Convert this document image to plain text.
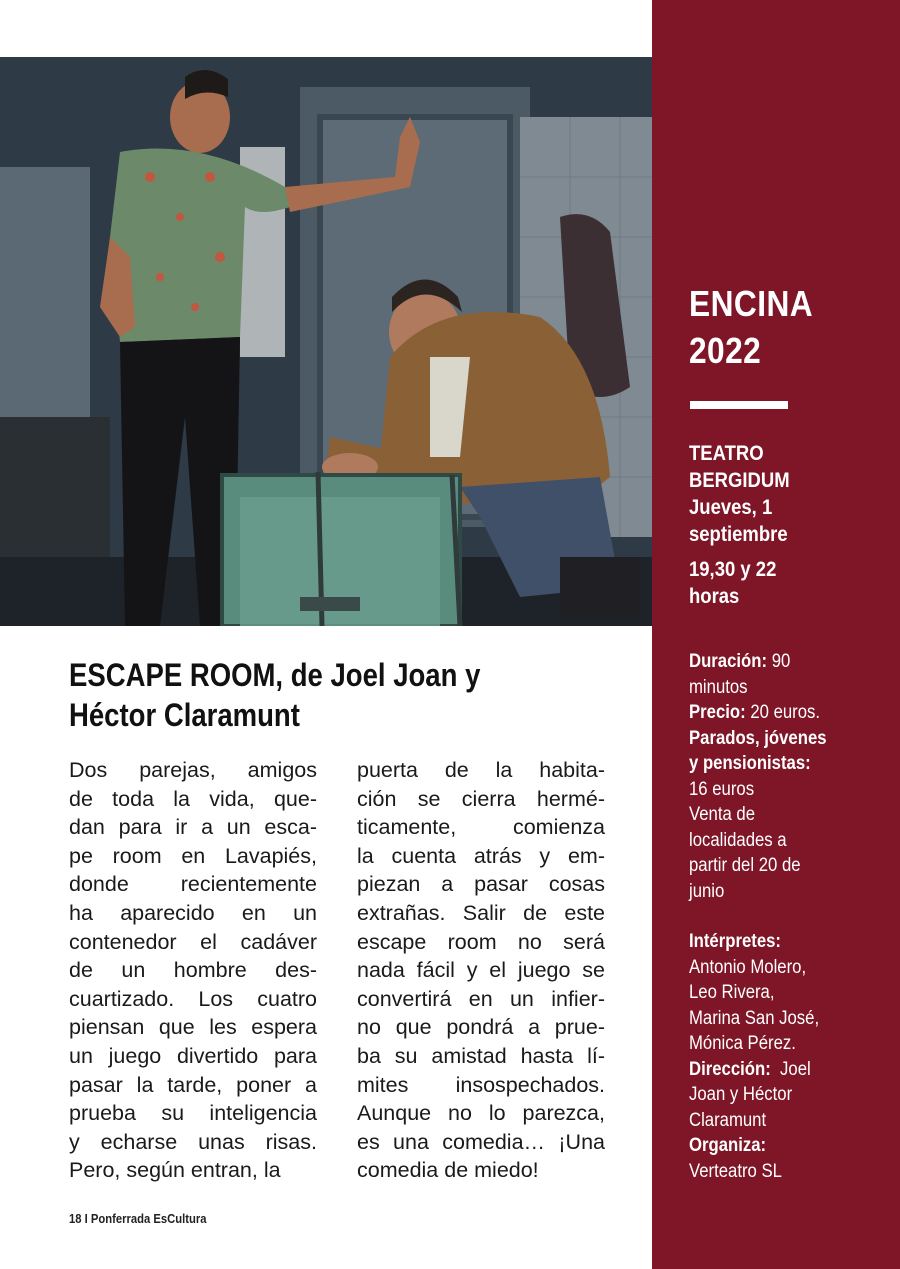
ENCINA
2022
TEATRO
BERGIDUM
Jueves, 1
septiembre
19,30 y 22
horas
Duración: 90
minutos
Precio: 20 euros.
Parados, jóvenes
y pensionistas:
16 euros
Venta de
localidades a
partir del 20 de
junio
Intérpretes:
Antonio Molero,
Leo Rivera,
Marina San José,
Mónica Pérez.
Dirección:  Joel
Joan y Héctor
Claramunt
Organiza:
Verteatro SL
ESCAPE ROOM, de Joel Joan y
Héctor Claramunt
Dos parejas, amigos
de toda la vida, que-
dan para ir a un esca-
pe room en Lavapiés,
donde recientemente
ha aparecido en un
contenedor el cadáver
de un hombre des-
cuartizado. Los cuatro
piensan que les espera
un juego divertido para
pasar la tarde, poner a
prueba su inteligencia
y echarse unas risas.
Pero, según entran, la
puerta de la habita-
ción se cierra hermé-
ticamente, comienza
la cuenta atrás y em-
piezan a pasar cosas
extrañas. Salir de este
escape room no será
nada fácil y el juego se
convertirá en un infier-
no que pondrá a prue-
ba su amistad hasta lí-
mites insospechados.
Aunque no lo parezca,
es una comedia… ¡Una
comedia de miedo!
18 I Ponferrada EsCultura
